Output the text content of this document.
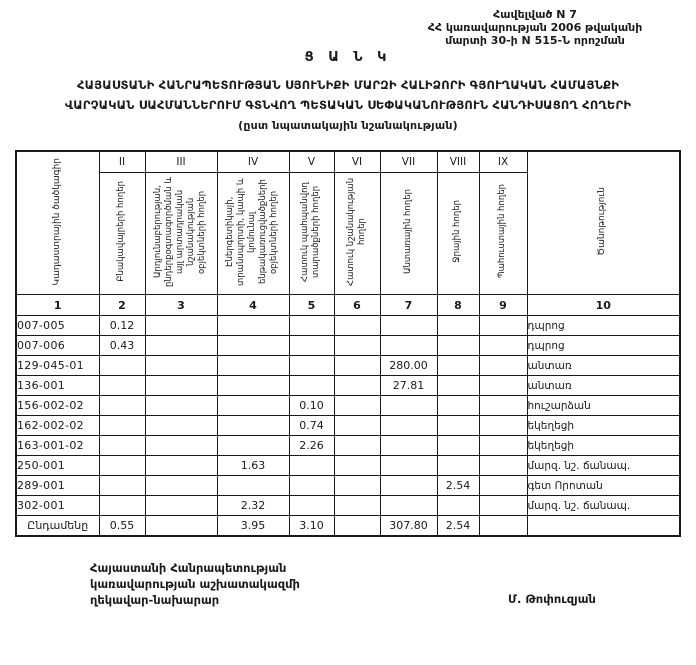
Հավելված N 7
ՀՀ կառավարության 2006 թվականի
մարտի 30-ի N 515-Ն որոշման
Ց Ա Ն Կ
ՀԱՅԱՍՏԱՆԻ ՀԱՆՐԱՊԵՏՈՒԹՅԱՆ ՍՅՈՒՆԻՔԻ ՄԱՐԶԻ ՀԱԼԻՁՈՐԻ ԳՅՈՒՂԱԿԱՆ ՀԱՄԱՅՆՔԻ
ՎԱՐՉԱԿԱՆ ՍԱՀՄԱՆՆԵՐՈՒՄ ԳՏՆՎՈՂ ՊԵՏԱԿԱՆ ՍԵՓԱԿԱՆՈՒԹՅՈՒՆ ՀԱՆԴԻՍԱՑՈՂ ՀՈՂԵՐԻ
(ըստ նպատակային նշանակության)
Կադաստրային ծածկագիր	II	III	IV	V	VI	VII	VIII	IX	Ծանոթություն
	Բնակավայրերի հողեր	Արդյունաբերության, ընդերքօգտագործման և այլ արտադրական նշանակության օբյեկտների հողեր	Էներգետիկայի, տրանսպորտի, կապի և կոմունալ ենթակառուցվածքների օբյեկտների հողեր	Հատուկ պահպանվող տարածքների հողեր	Հատուկ նշանակության հողեր	Անտառային հողեր	Ջրային հողեր	Պահուստային հողեր	
1	2	3	4	5	6	7	8	9	10
007-005	0.12								դպրոց
007-006	0.43								դպրոց
129-045-01						280.00			անտառ
136-001						27.81			անտառ
156-002-02				0.10					հուշարձան
162-002-02				0.74					եկեղեցի
163-001-02				2.26					եկեղեցի
250-001			1.63						մարզ. նշ. ճանապ.
289-001							2.54		գետ Որոտան
302-001			2.32						մարզ. նշ. ճանապ.
Ընդամենը	0.55		3.95	3.10		307.80	2.54		
Հայաստանի Հանրապետության
կառավարության աշխատակազմի
ղեկավար-նախարար	Մ. Թոփուզյան
